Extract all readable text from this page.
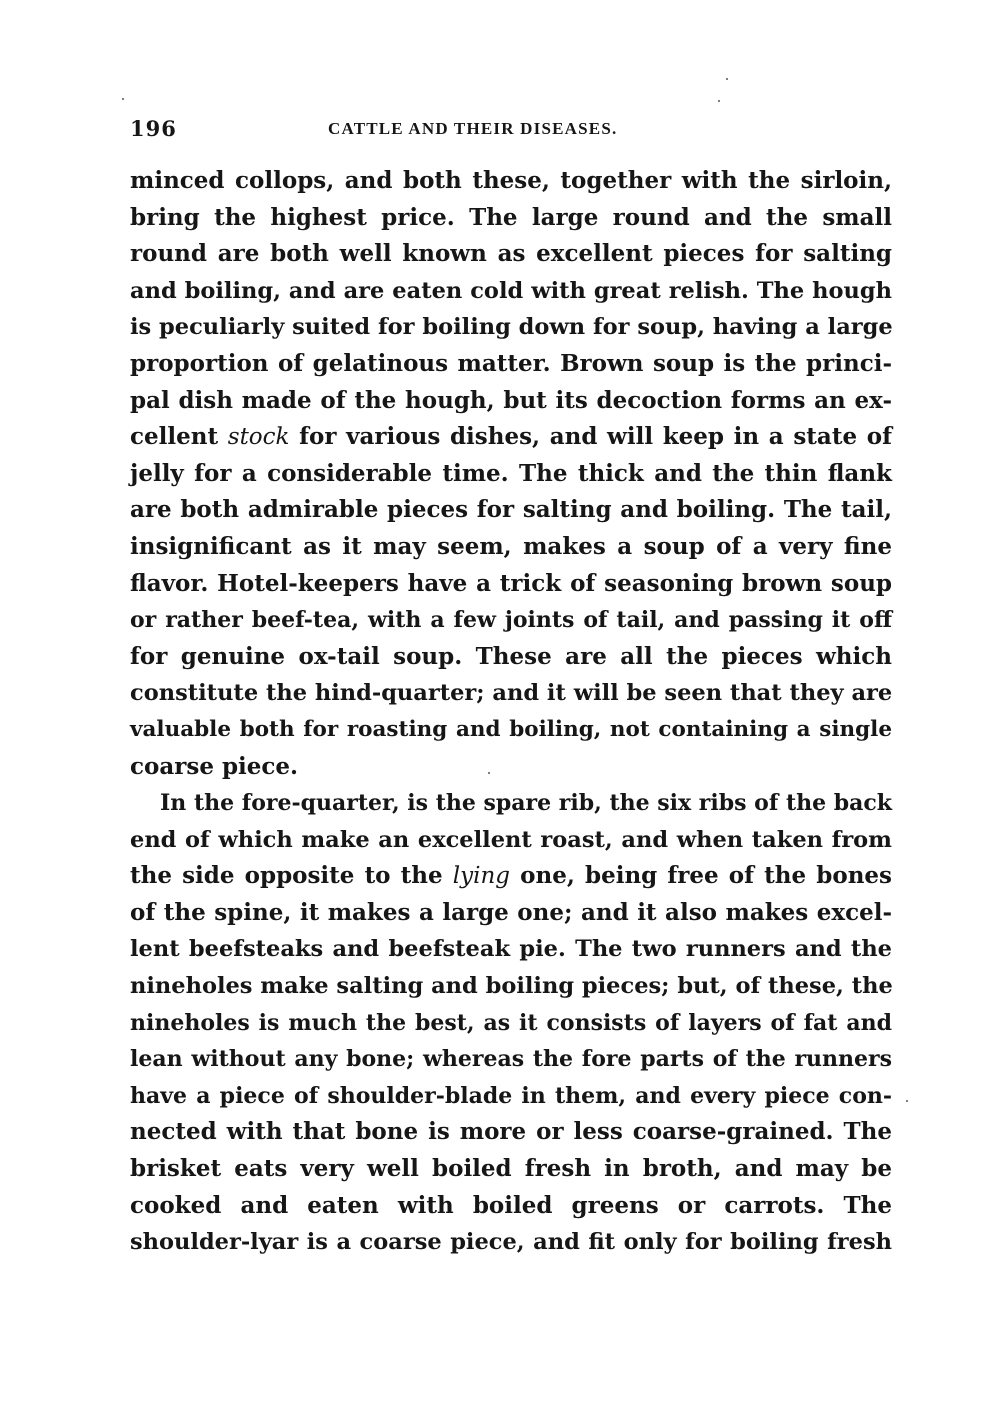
196	CATTLE AND THEIR DISEASES.
minced collops, and both these, together with the sirloin,
bring the highest price. The large round and the small
round are both well known as excellent pieces for salting
and boiling, and are eaten cold with great relish. The hough
is peculiarly suited for boiling down for soup, having a large
proportion of gelatinous matter. Brown soup is the princi-
pal dish made of the hough, but its decoction forms an ex-
cellent stock for various dishes, and will keep in a state of
jelly for a considerable time. The thick and the thin flank
are both admirable pieces for salting and boiling. The tail,
insignificant as it may seem, makes a soup of a very fine
flavor. Hotel-keepers have a trick of seasoning brown soup
or rather beef-tea, with a few joints of tail, and passing it off
for genuine ox-tail soup. These are all the pieces which
constitute the hind-quarter; and it will be seen that they are
valuable both for roasting and boiling, not containing a single
coarse piece.
In the fore-quarter, is the spare rib, the six ribs of the back
end of which make an excellent roast, and when taken from
the side opposite to the lying one, being free of the bones
of the spine, it makes a large one; and it also makes excel-
lent beefsteaks and beefsteak pie. The two runners and the
nineholes make salting and boiling pieces; but, of these, the
nineholes is much the best, as it consists of layers of fat and
lean without any bone; whereas the fore parts of the runners
have a piece of shoulder-blade in them, and every piece con-
nected with that bone is more or less coarse-grained. The
brisket eats very well boiled fresh in broth, and may be
cooked and eaten with boiled greens or carrots. The
shoulder-lyar is a coarse piece, and fit only for boiling fresh
